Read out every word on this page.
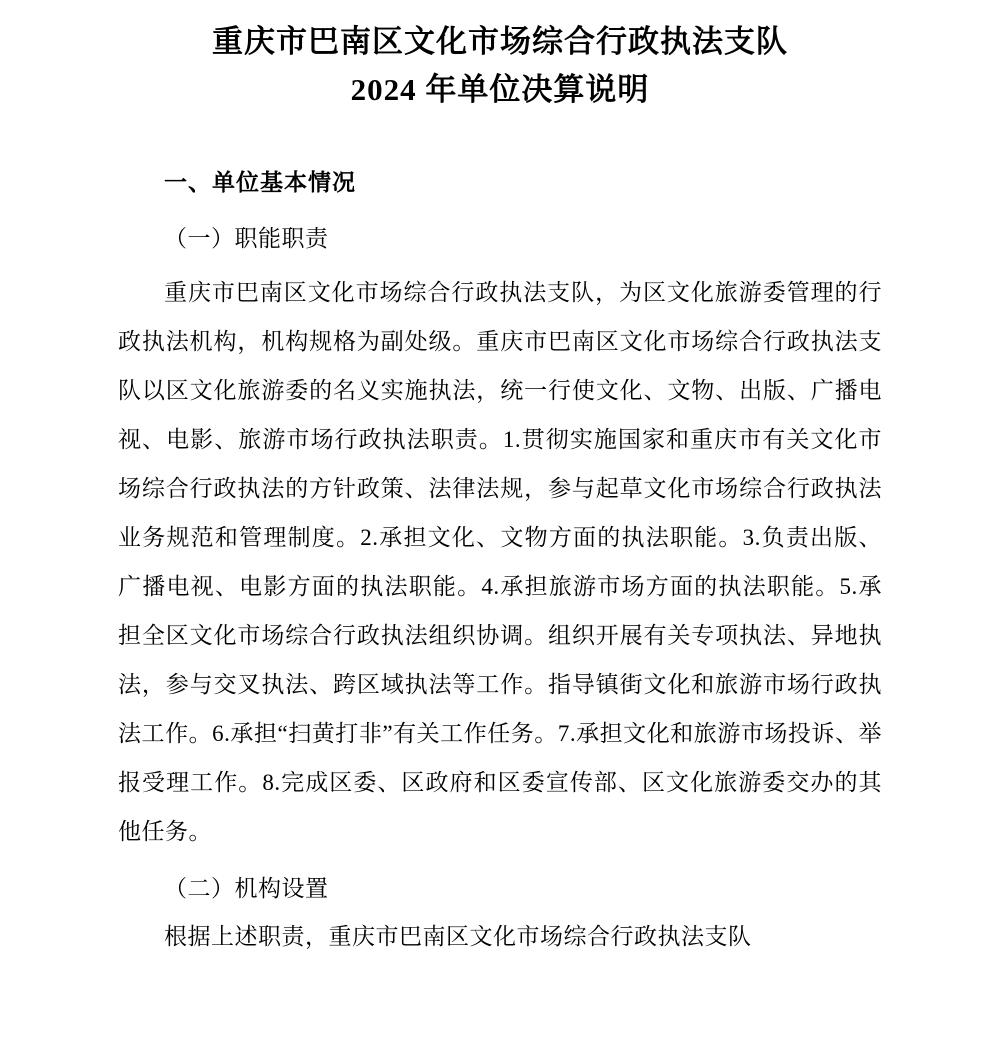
重庆市巴南区文化市场综合行政执法支队
2024 年单位决算说明
一、单位基本情况
（一）职能职责
重庆市巴南区文化市场综合行政执法支队，为区文化旅游委管理的行政执法机构，机构规格为副处级。重庆市巴南区文化市场综合行政执法支队以区文化旅游委的名义实施执法，统一行使文化、文物、出版、广播电视、电影、旅游市场行政执法职责。1.贯彻实施国家和重庆市有关文化市场综合行政执法的方针政策、法律法规，参与起草文化市场综合行政执法业务规范和管理制度。2.承担文化、文物方面的执法职能。3.负责出版、广播电视、电影方面的执法职能。4.承担旅游市场方面的执法职能。5.承担全区文化市场综合行政执法组织协调。组织开展有关专项执法、异地执法，参与交叉执法、跨区域执法等工作。指导镇街文化和旅游市场行政执法工作。6.承担“扫黄打非”有关工作任务。7.承担文化和旅游市场投诉、举报受理工作。8.完成区委、区政府和区委宣传部、区文化旅游委交办的其他任务。
（二）机构设置
根据上述职责，重庆市巴南区文化市场综合行政执法支队
